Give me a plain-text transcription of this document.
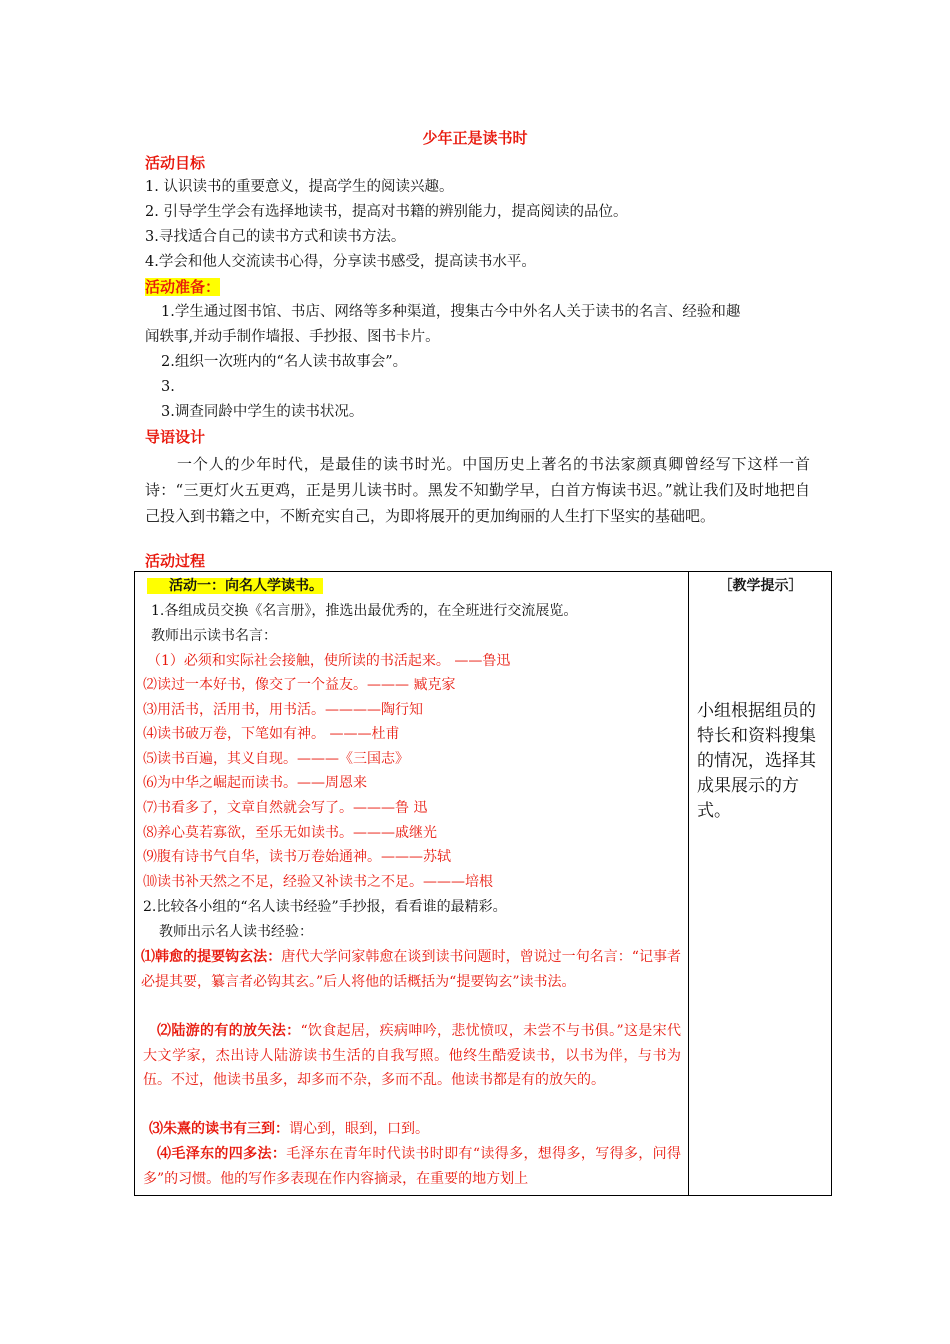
少年正是读书时
活动目标
1. 认识读书的重要意义，提高学生的阅读兴趣。
2. 引导学生学会有选择地读书，提高对书籍的辨别能力，提高阅读的品位。
3.寻找适合自己的读书方式和读书方法。
4.学会和他人交流读书心得，分享读书感受，提高读书水平。
活动准备：
1.学生通过图书馆、书店、网络等多种渠道，搜集古今中外名人关于读书的名言、经验和趣
闻轶事,并动手制作墙报、手抄报、图书卡片。
2.组织一次班内的“名人读书故事会”。
3.
3.调查同龄中学生的读书状况。
导语设计
一个人的少年时代，是最佳的读书时光。中国历史上著名的书法家颜真卿曾经写下这样一首诗：“三更灯火五更鸡，正是男儿读书时。黑发不知勤学早，白首方悔读书迟。”就让我们及时地把自己投入到书籍之中，不断充实自己，为即将展开的更加绚丽的人生打下坚实的基础吧。
活动过程
活动一：向名人学读书。
1.各组成员交换《名言册》，推选出最优秀的，在全班进行交流展览。
教师出示读书名言：
（1）必须和实际社会接触，使所读的书活起来。 ——鲁迅
⑵读过一本好书，像交了一个益友。——— 臧克家
⑶用活书，活用书，用书活。————陶行知
⑷读书破万卷，下笔如有神。 ———杜甫
⑸读书百遍，其义自现。———《三国志》
⑹为中华之崛起而读书。——周恩来
⑺书看多了，文章自然就会写了。———鲁 迅
⑻养心莫若寡欲，至乐无如读书。———戚继光
⑼腹有诗书气自华，读书万卷始通神。———苏轼
⑽读书补天然之不足，经验又补读书之不足。———培根
2.比较各小组的“名人读书经验”手抄报，看看谁的最精彩。
教师出示名人读书经验：
⑴韩愈的提要钩玄法：唐代大学问家韩愈在谈到读书问题时，曾说过一句名言：“记事者必提其要，纂言者必钩其玄。”后人将他的话概括为“提要钩玄”读书法。
⑵陆游的有的放矢法：“饮食起居，疾病呻吟，悲忧愤叹，未尝不与书俱。”这是宋代大文学家，杰出诗人陆游读书生活的自我写照。他终生酷爱读书，以书为伴，与书为伍。不过，他读书虽多，却多而不杂，多而不乱。他读书都是有的放矢的。
⑶朱熹的读书有三到：谓心到，眼到，口到。
⑷毛泽东的四多法：毛泽东在青年时代读书时即有“读得多，想得多，写得多，问得多”的习惯。他的写作多表现在作内容摘录，在重要的地方划上
［教学提示］
小组根据组员的特长和资料搜集的情况，选择其成果展示的方式。
